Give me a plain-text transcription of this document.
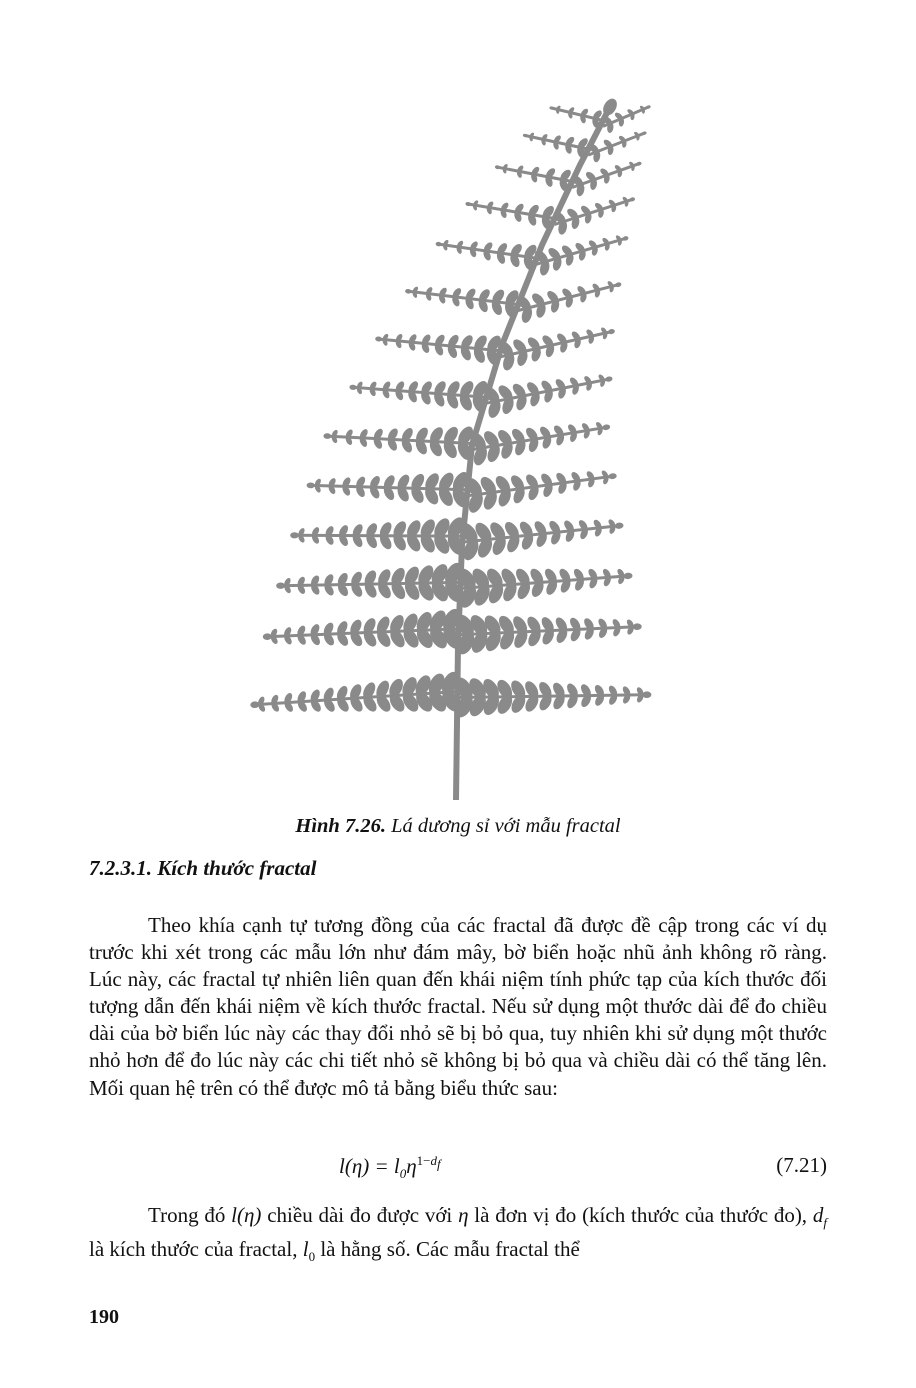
Hình 7.26. Lá dương sỉ với mẫu fractal
7.2.3.1. Kích thước fractal

Theo khía cạnh tự tương đồng của các fractal đã được đề cập trong các ví dụ trước khi xét trong các mẫu lớn như đám mây, bờ biển hoặc nhũ ảnh không rõ ràng. Lúc này, các fractal tự nhiên liên quan đến khái niệm tính phức tạp của kích thước đối tượng dẫn đến khái niệm về kích thước fractal. Nếu sử dụng một thước dài để đo chiều dài của bờ biển lúc này các thay đổi nhỏ sẽ bị bỏ qua, tuy nhiên khi sử dụng một thước nhỏ hơn để đo lúc này các chi tiết nhỏ sẽ không bị bỏ qua và chiều dài có thể tăng lên. Mối quan hệ trên có thể được mô tả bằng biểu thức sau:

$l(\eta) = l_0\eta^{1-d_f}$	(7.21)

Trong đó l(η) chiều dài đo được với η là đơn vị đo (kích thước của thước đo), $d_f$ là kích thước của fractal, $l_0$ là hằng số. Các mẫu fractal thể

190
